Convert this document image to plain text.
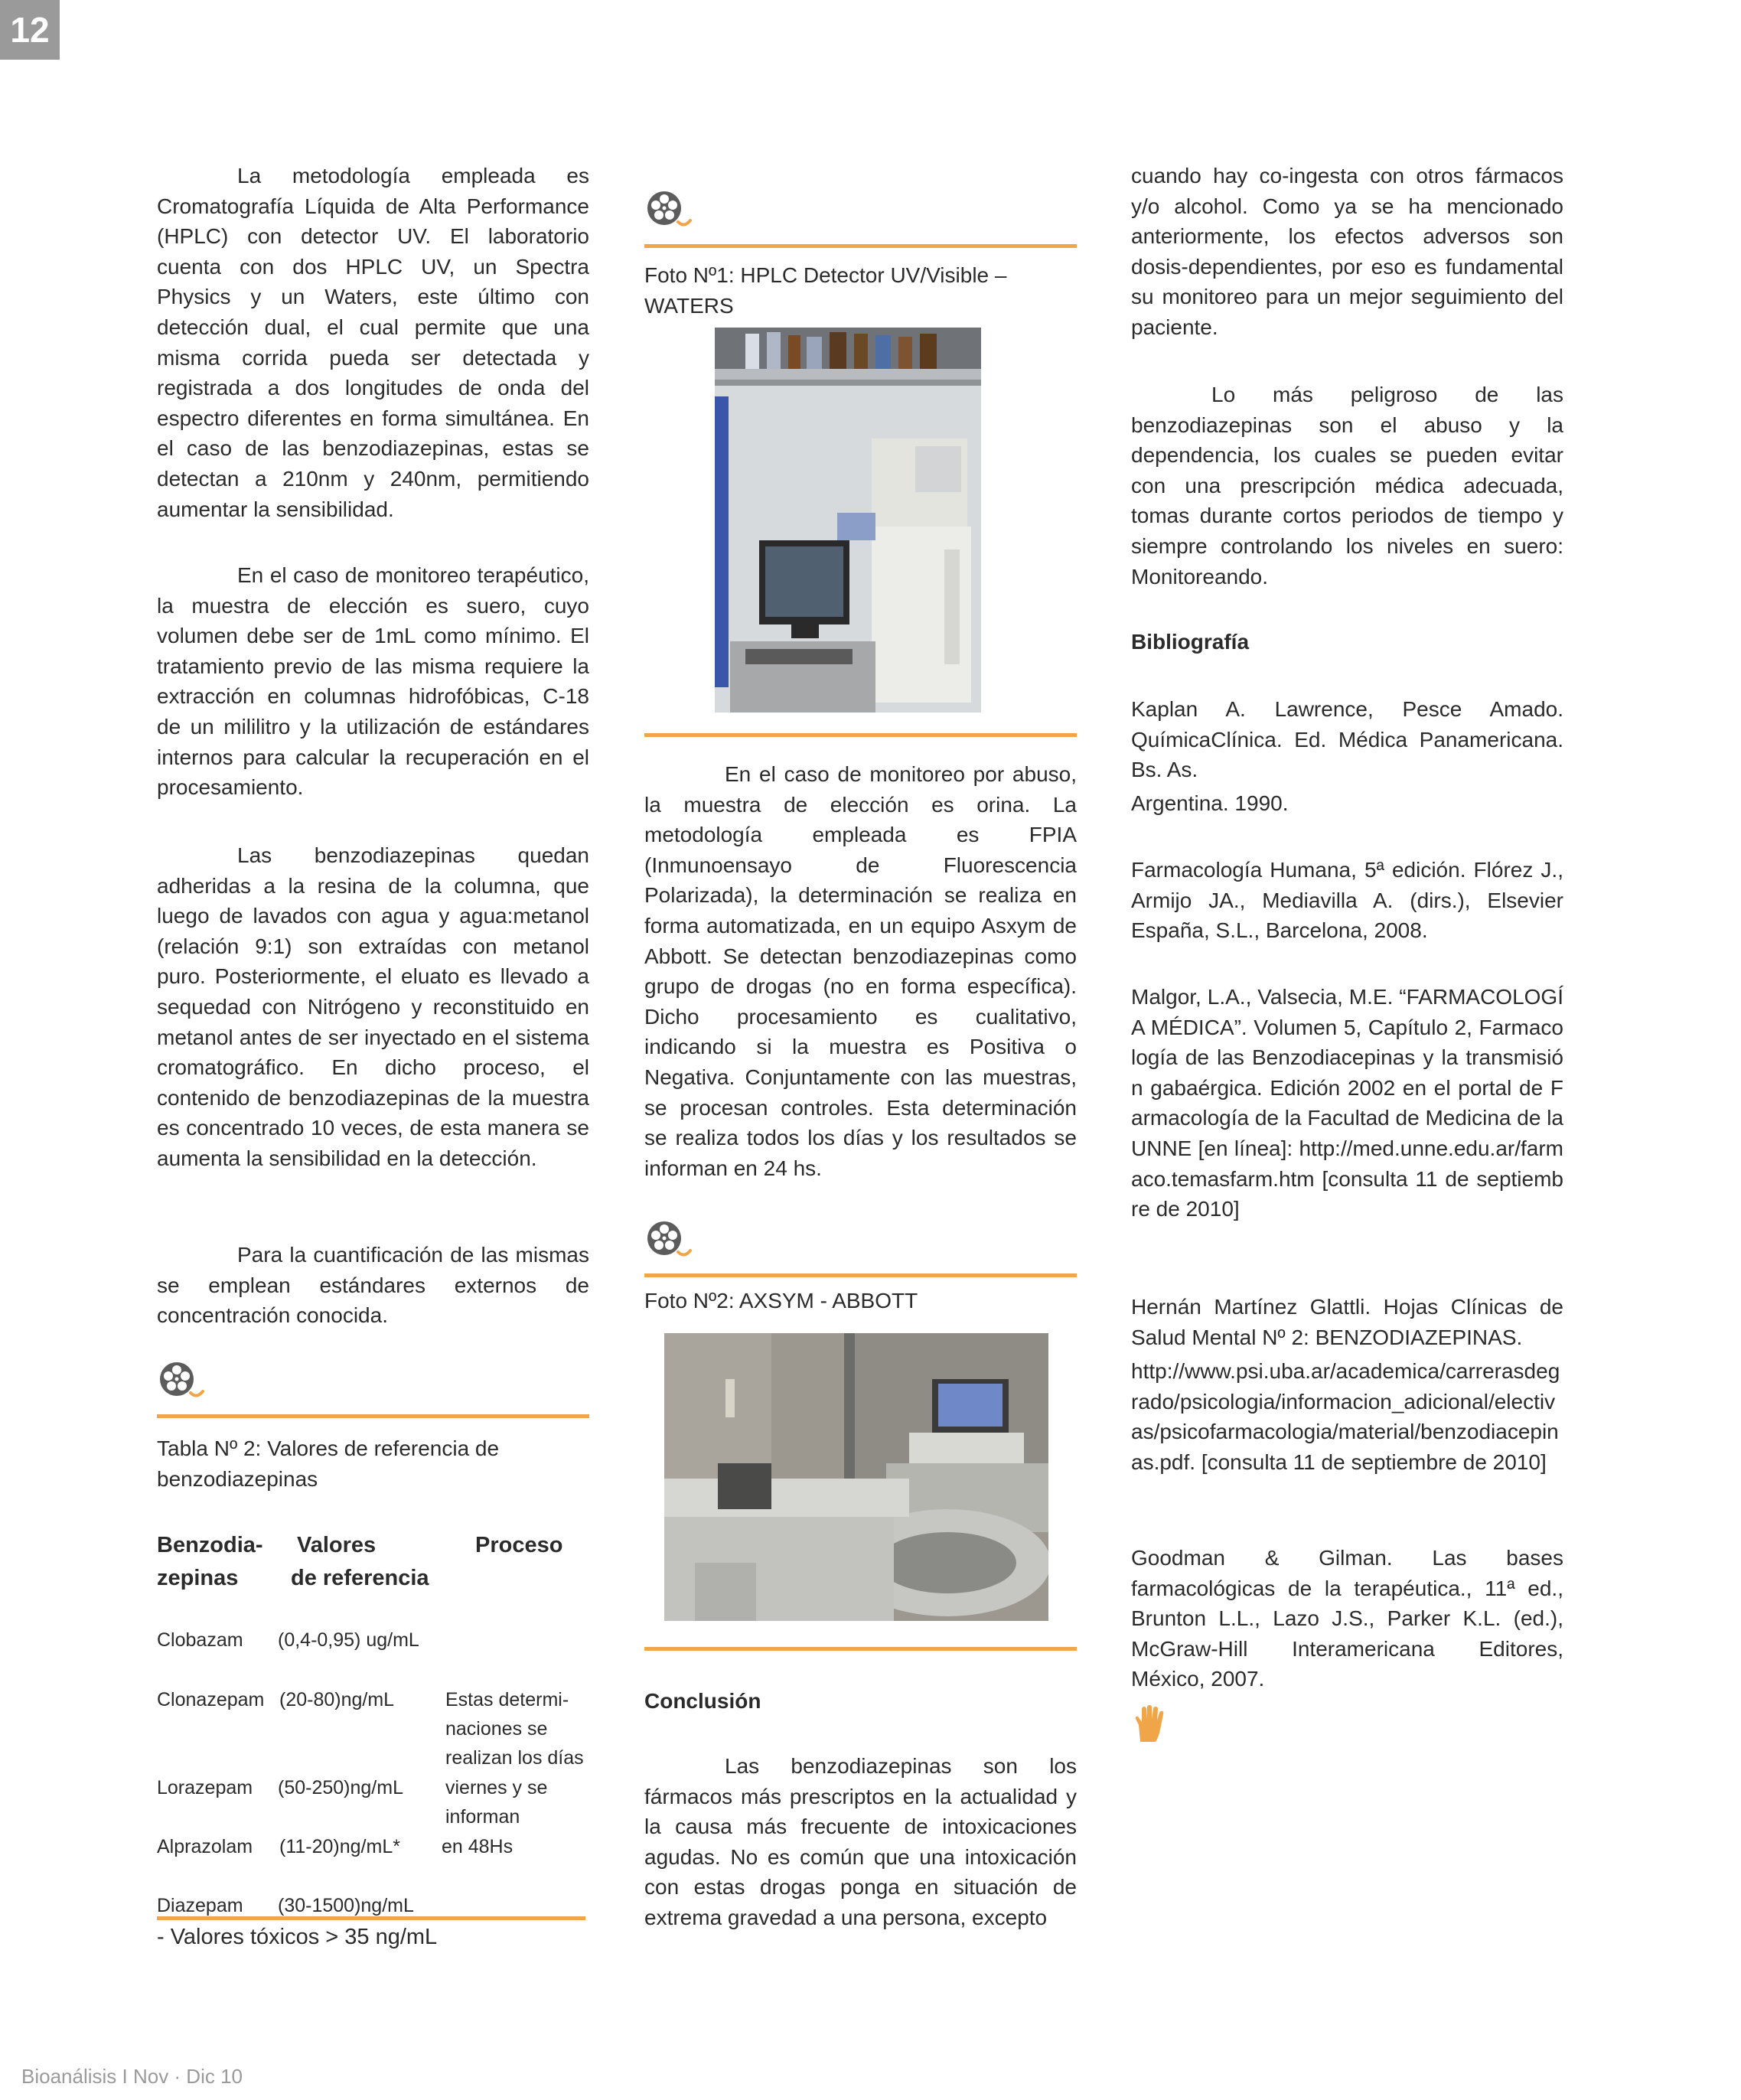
12

La metodología empleada es Cromatografía Líquida de Alta Performance (HPLC) con detector UV. El laboratorio cuenta con dos HPLC UV, un Spectra Physics y un Waters, este último con detección dual, el cual permite que una misma corrida pueda ser detectada y registrada a dos longitudes de onda del espectro diferentes en forma simultánea. En el caso de las benzodiazepinas, estas se detectan a 210nm y 240nm, permitiendo aumentar la sensibilidad.

En el caso de monitoreo terapéutico, la muestra de elección es suero, cuyo volumen debe ser de 1mL como mínimo. El tratamiento previo de las misma requiere la extracción en columnas hidrofóbicas, C-18 de un mililitro y la utilización de estándares internos para calcular la recuperación en el procesamiento.

Las benzodiazepinas quedan adheridas a la resina de la columna, que luego de lavados con agua y agua:metanol (relación 9:1) son extraídas con metanol puro. Posteriormente, el eluato es llevado a sequedad con Nitrógeno y reconstituido en metanol antes de ser inyectado en el sistema cromatográfico. En dicho proceso, el contenido de benzodiazepinas de la muestra es concentrado 10 veces, de esta manera se aumenta la sensibilidad en la detección.

Para la cuantificación de las mismas se emplean estándares externos de concentración conocida.

Tabla Nº 2: Valores de referencia de benzodiazepinas
Benzodia-
zepinas
Valores
de referencia
Proceso
Clobazam (0,4-0,95) ug/mL
Clonazepam (20-80)ng/mL
Lorazepam (50-250)ng/mL
Alprazolam (11-20)ng/mL*
Diazepam (30-1500)ng/mL
Estas determi-
naciones se
realizan los días
viernes y se
informan
en 48Hs
- Valores tóxicos > 35 ng/mL
Foto Nº1: HPLC Detector UV/Visible – WATERS

En el caso de monitoreo por abuso, la muestra de elección es orina. La metodología empleada es FPIA (Inmunoensayo de Fluorescencia Polarizada), la determinación se realiza en forma automatizada, en un equipo Asxym de Abbott. Se detectan benzodiazepinas como grupo de drogas (no en forma específica). Dicho procesamiento es cualitativo, indicando si la muestra es Positiva o Negativa. Conjuntamente con las muestras, se procesan controles. Esta determinación se realiza todos los días y los resultados se informan en 24 hs.

Foto Nº2: AXSYM - ABBOTT
Conclusión

Las benzodiazepinas son los fármacos más prescriptos en la actualidad y la causa más frecuente de intoxicaciones agudas. No es común que una intoxicación con estas drogas ponga en situación de extrema gravedad a una persona, excepto

cuando hay co-ingesta con otros fármacos y/o alcohol. Como ya se ha mencionado anteriormente, los efectos adversos son dosis-dependientes, por eso es fundamental su monitoreo para un mejor seguimiento del paciente.

Lo más peligroso de las benzodiazepinas son el abuso y la dependencia, los cuales se pueden evitar con una prescripción médica adecuada, tomas durante cortos periodos de tiempo y siempre controlando los niveles en suero: Monitoreando.

Bibliografía

Kaplan A. Lawrence, Pesce Amado. QuímicaClínica. Ed. Médica Panamericana. Bs. As.

Argentina. 1990.

Farmacología Humana, 5ª edición. Flórez J., Armijo JA., Mediavilla A. (dirs.), Elsevier España, S.L., Barcelona, 2008.

Malgor, L.A., Valsecia, M.E. “FARMACOLOGÍA MÉDICA”. Volumen 5, Capítulo 2, Farmacología de las Benzodiacepinas y la transmisión gabaérgica. Edición 2002 en el portal de Farmacología de la Facultad de Medicina de la UNNE [en línea]: http://med.unne.edu.ar/farmaco.temasfarm.htm [consulta 11 de septiembre de 2010]

Hernán Martínez Glattli. Hojas Clínicas de Salud Mental Nº 2: BENZODIAZEPINAS.

http://www.psi.uba.ar/academica/carrerasdegrado/psicologia/informacion_adicional/electivas/psicofarmacologia/material/benzodiacepinas.pdf. [consulta 11 de septiembre de 2010]

Goodman & Gilman. Las bases farmacológicas de la terapéutica., 11ª ed., Brunton L.L., Lazo J.S., Parker K.L. (ed.), McGraw-Hill Interamericana Editores, México, 2007.

Bioanálisis I Nov · Dic 10
